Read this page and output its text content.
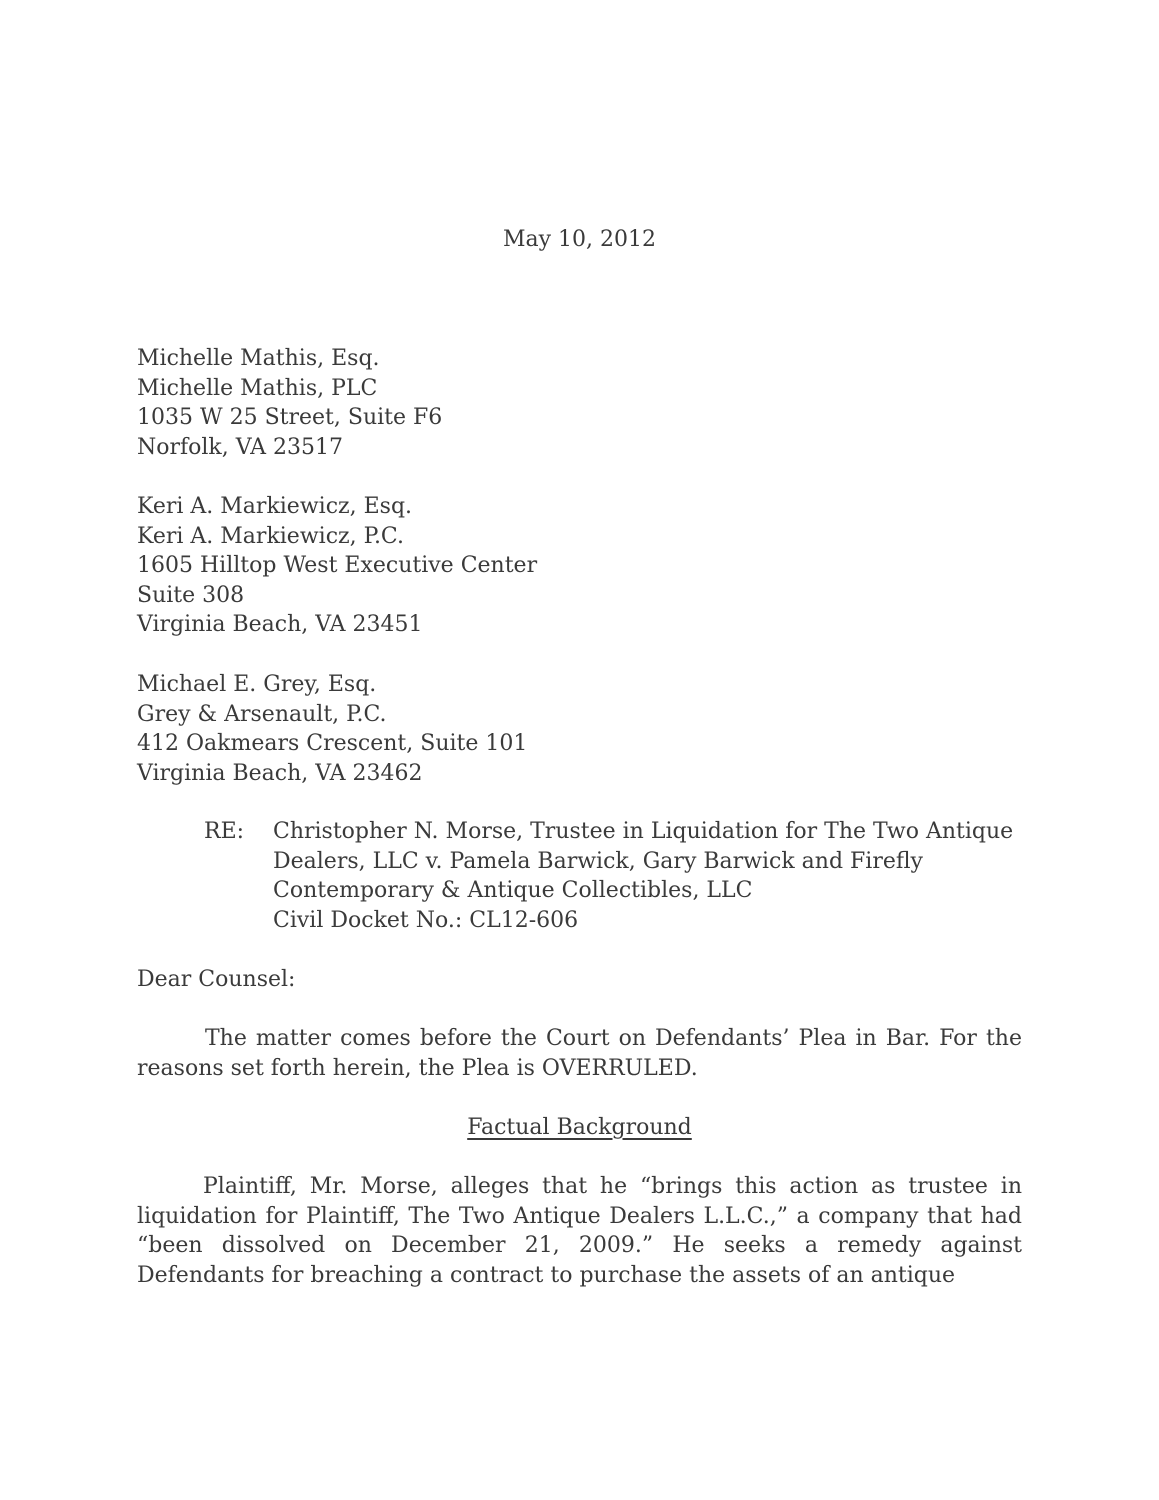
May 10, 2012
Michelle Mathis, Esq.
Michelle Mathis, PLC
1035 W 25 Street, Suite F6
Norfolk, VA 23517
Keri A. Markiewicz, Esq.
Keri A. Markiewicz, P.C.
1605 Hilltop West Executive Center
Suite 308
Virginia Beach, VA 23451
Michael E. Grey, Esq.
Grey & Arsenault, P.C.
412 Oakmears Crescent, Suite 101
Virginia Beach, VA 23462
RE: Christopher N. Morse, Trustee in Liquidation for The Two Antique
Dealers, LLC v. Pamela Barwick, Gary Barwick and Firefly
Contemporary & Antique Collectibles, LLC
Civil Docket No.: CL12-606
Dear Counsel:
The matter comes before the Court on Defendants’ Plea in Bar. For the reasons set forth herein, the Plea is OVERRULED.
Factual Background
Plaintiff, Mr. Morse, alleges that he “brings this action as trustee in liquidation for Plaintiff, The Two Antique Dealers L.L.C.,” a company that had “been dissolved on December 21, 2009.” He seeks a remedy against Defendants for breaching a contract to purchase the assets of an antique
